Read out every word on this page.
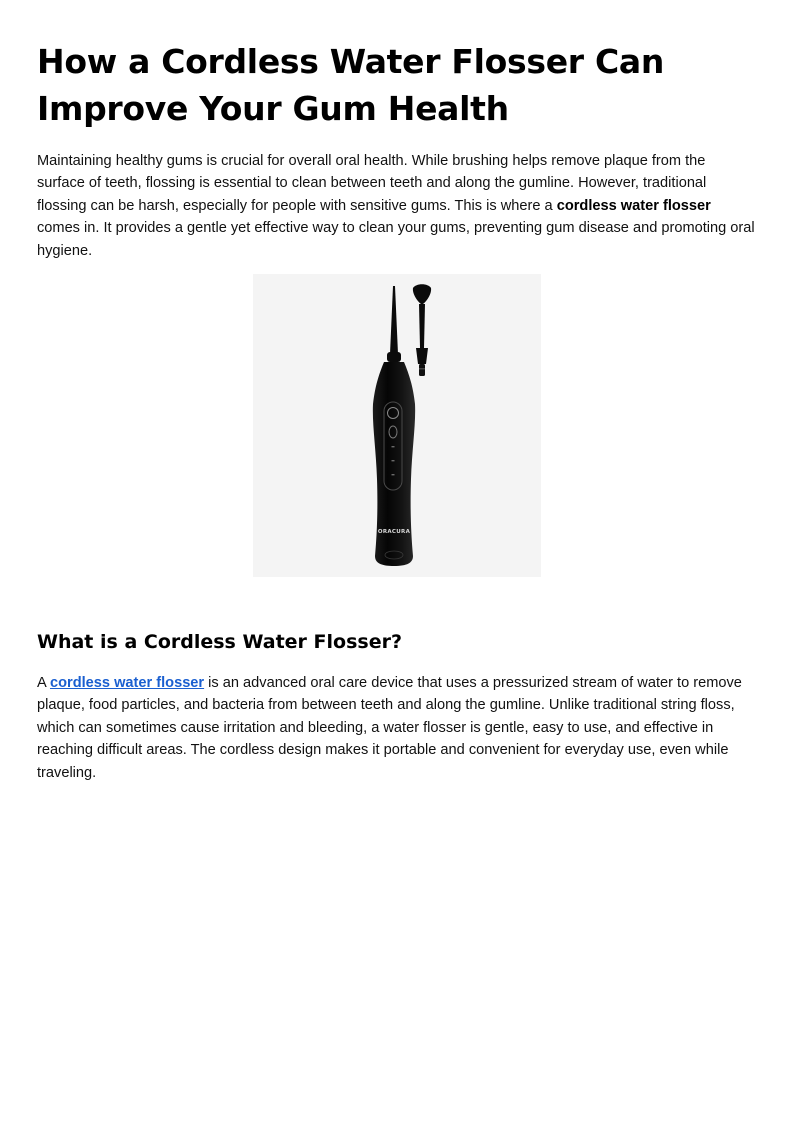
How a Cordless Water Flosser Can Improve Your Gum Health

Maintaining healthy gums is crucial for overall oral health. While brushing helps remove plaque from the surface of teeth, flossing is essential to clean between teeth and along the gumline. However, traditional flossing can be harsh, especially for people with sensitive gums. This is where a cordless water flosser comes in. It provides a gentle yet effective way to clean your gums, preventing gum disease and promoting oral hygiene.

ORACURA
What is a Cordless Water Flosser?

A cordless water flosser is an advanced oral care device that uses a pressurized stream of water to remove plaque, food particles, and bacteria from between teeth and along the gumline. Unlike traditional string floss, which can sometimes cause irritation and bleeding, a water flosser is gentle, easy to use, and effective in reaching difficult areas. The cordless design makes it portable and convenient for everyday use, even while traveling.
